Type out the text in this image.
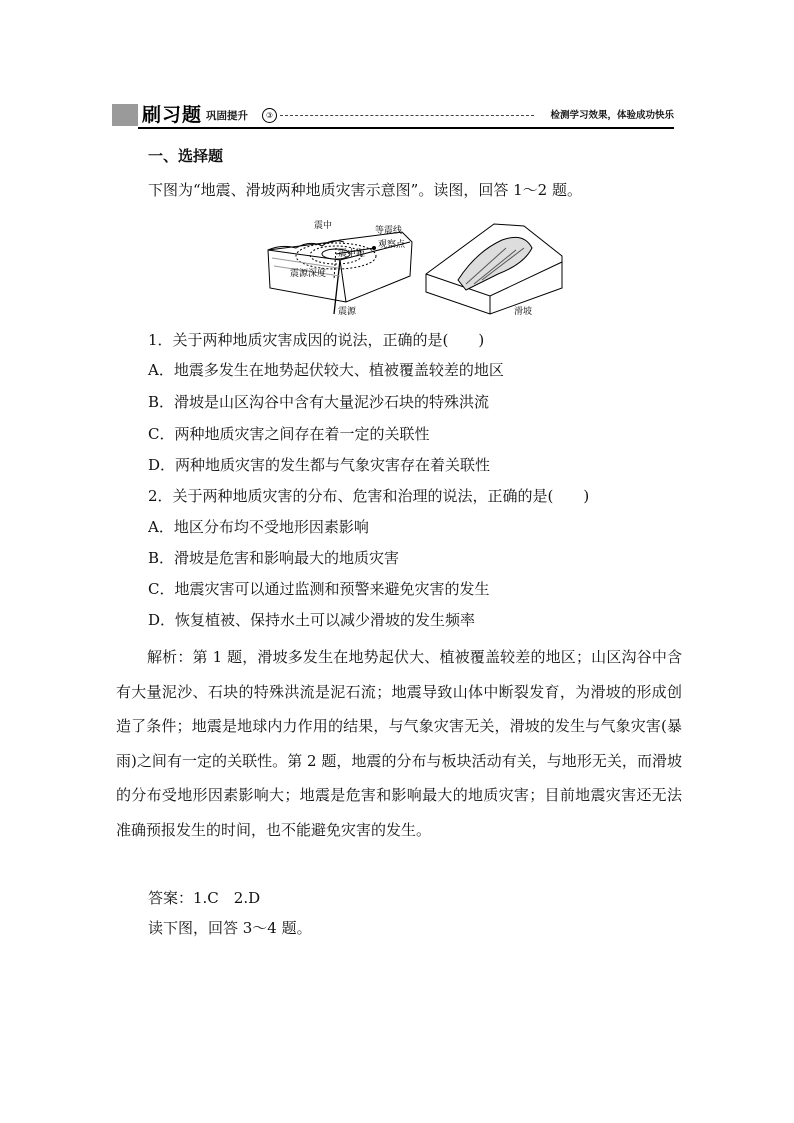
刷习题 巩固提升	③	检测学习效果，体验成功快乐
一、选择题
下图为“地震、滑坡两种地质灾害示意图”。读图，回答 1～2 题。
震中	等震线
观察点
震中距
震源深度
震源	滑坡
1．关于两种地质灾害成因的说法，正确的是(　　)
A．地震多发生在地势起伏较大、植被覆盖较差的地区
B．滑坡是山区沟谷中含有大量泥沙石块的特殊洪流
C．两种地质灾害之间存在着一定的关联性
D．两种地质灾害的发生都与气象灾害存在着关联性
2．关于两种地质灾害的分布、危害和治理的说法，正确的是(　　)
A．地区分布均不受地形因素影响
B．滑坡是危害和影响最大的地质灾害
C．地震灾害可以通过监测和预警来避免灾害的发生
D．恢复植被、保持水土可以减少滑坡的发生频率
解析：第 1 题，滑坡多发生在地势起伏大、植被覆盖较差的地区；山区沟谷中含有大量泥沙、石块的特殊洪流是泥石流；地震导致山体中断裂发育，为滑坡的形成创造了条件；地震是地球内力作用的结果，与气象灾害无关，滑坡的发生与气象灾害(暴雨)之间有一定的关联性。第 2 题，地震的分布与板块活动有关，与地形无关，而滑坡的分布受地形因素影响大；地震是危害和影响最大的地质灾害；目前地震灾害还无法准确预报发生的时间，也不能避免灾害的发生。
答案：1.C　2.D
读下图，回答 3～4 题。
